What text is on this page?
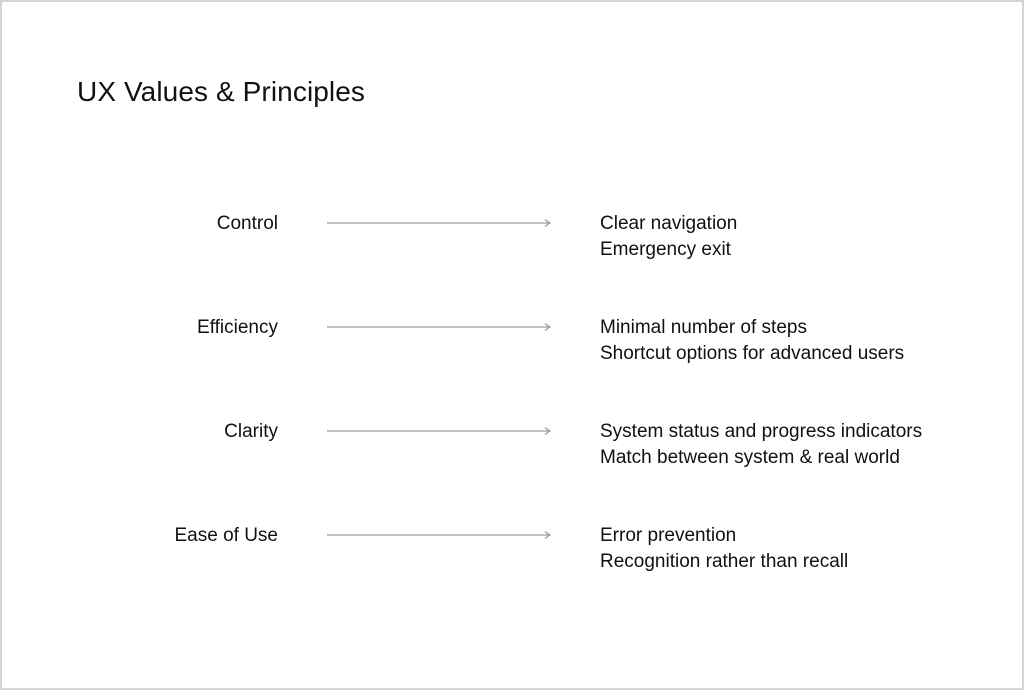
UX Values & Principles
Control	Clear navigation
Emergency exit
Efficiency	Minimal number of steps
Shortcut options for advanced users
Clarity	System status and progress indicators
Match between system & real world
Ease of Use	Error prevention
Recognition rather than recall
